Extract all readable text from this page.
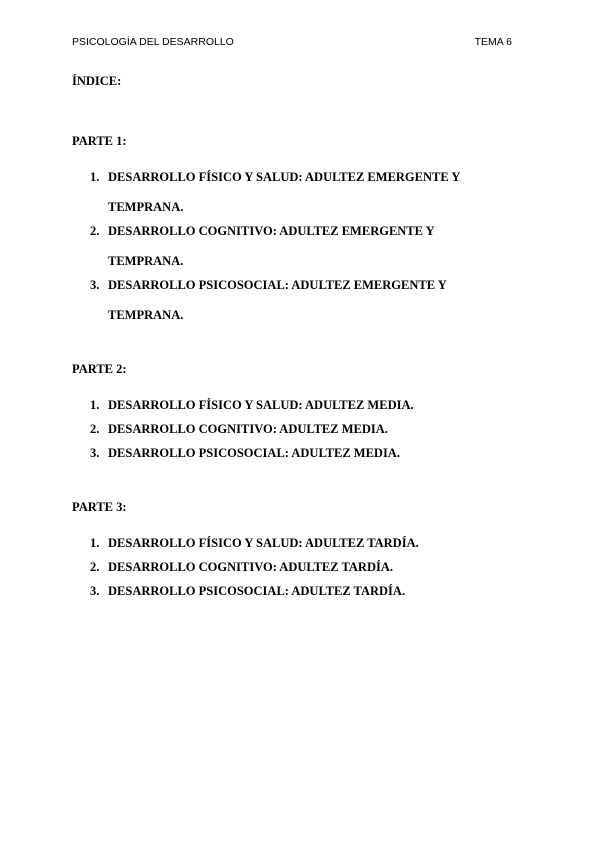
PSICOLOGÍA DEL DESARROLLO	TEMA 6
ÍNDICE:
PARTE 1:
1. DESARROLLO FÍSICO Y SALUD: ADULTEZ EMERGENTE Y TEMPRANA.
2. DESARROLLO COGNITIVO: ADULTEZ EMERGENTE Y TEMPRANA.
3. DESARROLLO PSICOSOCIAL: ADULTEZ EMERGENTE Y TEMPRANA.
PARTE 2:
1. DESARROLLO FÍSICO Y SALUD: ADULTEZ MEDIA.
2. DESARROLLO COGNITIVO: ADULTEZ MEDIA.
3. DESARROLLO PSICOSOCIAL: ADULTEZ MEDIA.
PARTE 3:
1. DESARROLLO FÍSICO Y SALUD: ADULTEZ TARDÍA.
2. DESARROLLO COGNITIVO: ADULTEZ TARDÍA.
3. DESARROLLO PSICOSOCIAL: ADULTEZ TARDÍA.
